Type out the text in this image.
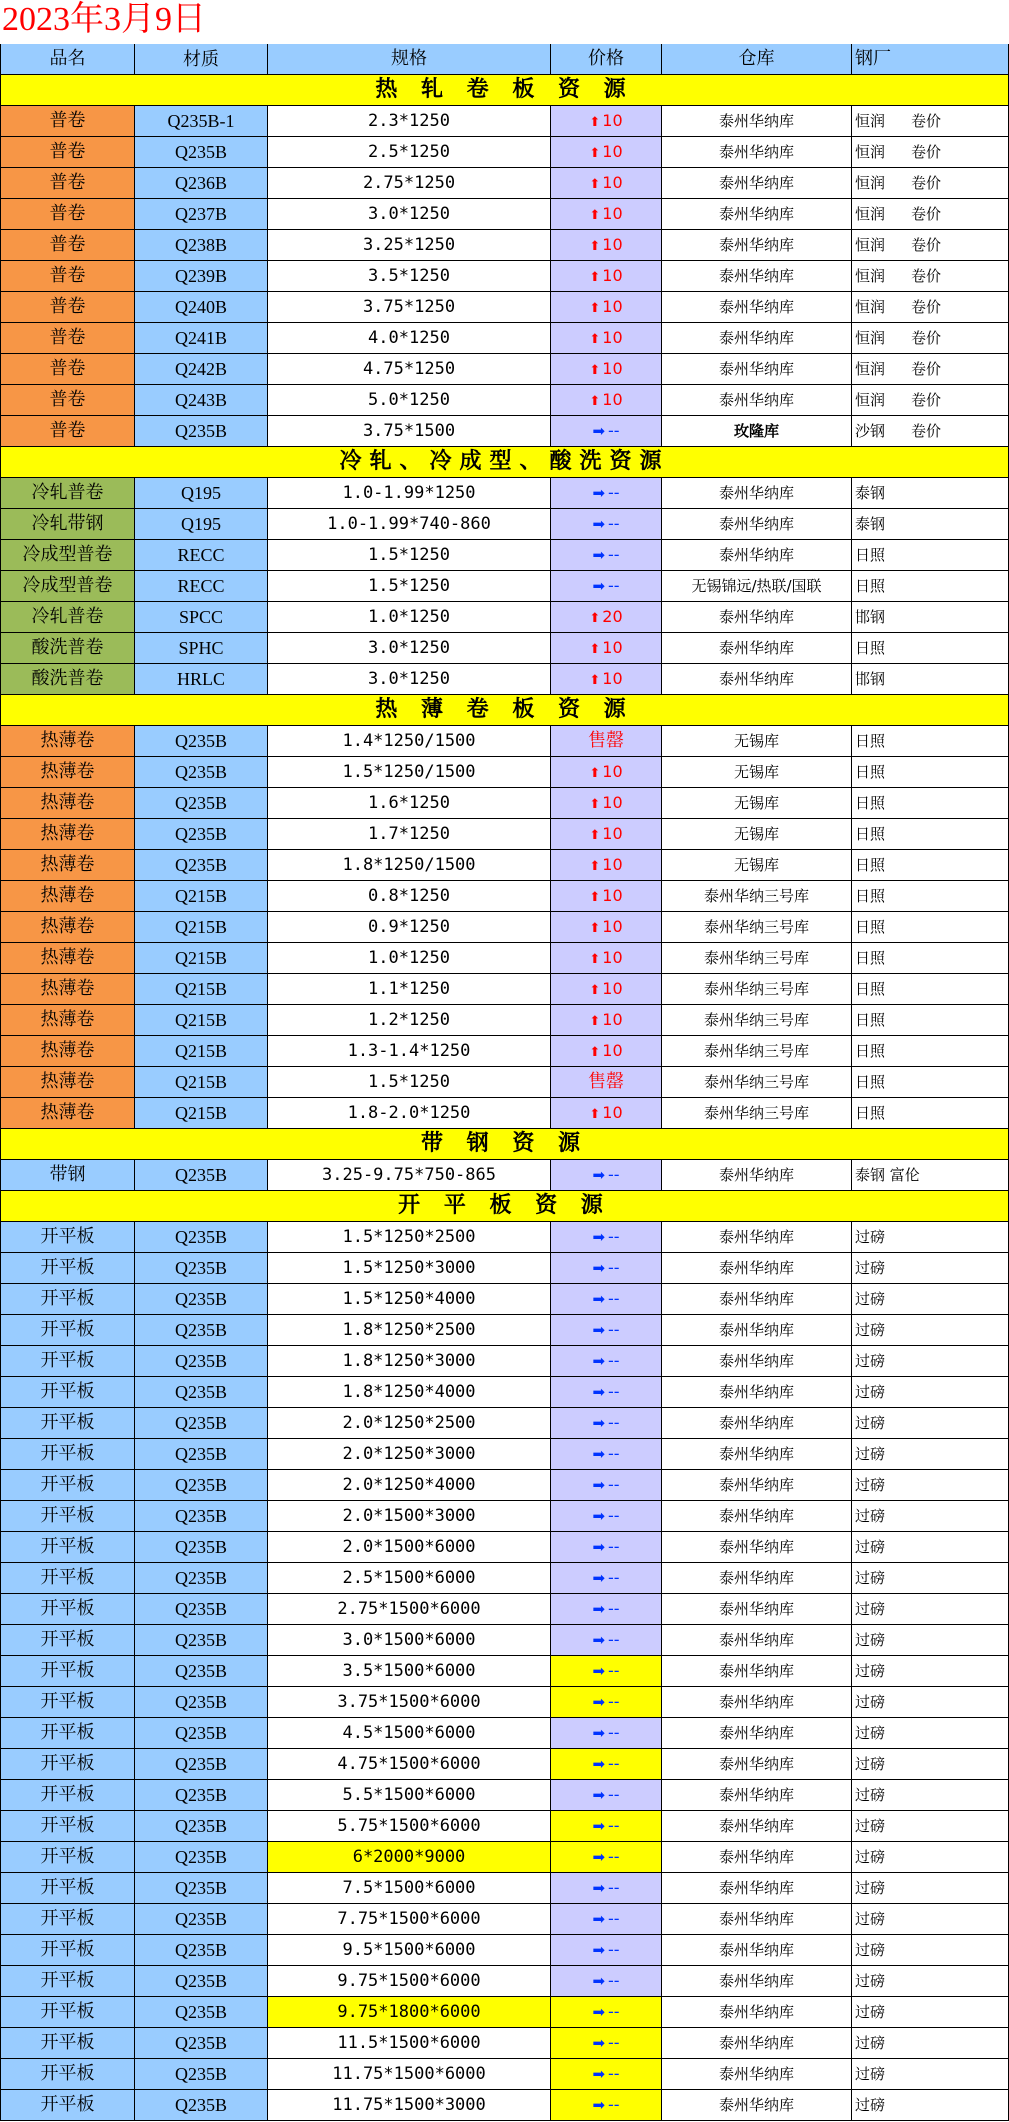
2023年3月9日
品名	材质	规格	价格	仓库	钢厂
热 轧 卷 板 资 源
普卷	Q235B-1	2.3*1250	⬆ 10	泰州华纳库	恒润 卷价
普卷	Q235B	2.5*1250	⬆ 10	泰州华纳库	恒润 卷价
普卷	Q236B	2.75*1250	⬆ 10	泰州华纳库	恒润 卷价
普卷	Q237B	3.0*1250	⬆ 10	泰州华纳库	恒润 卷价
普卷	Q238B	3.25*1250	⬆ 10	泰州华纳库	恒润 卷价
普卷	Q239B	3.5*1250	⬆ 10	泰州华纳库	恒润 卷价
普卷	Q240B	3.75*1250	⬆ 10	泰州华纳库	恒润 卷价
普卷	Q241B	4.0*1250	⬆ 10	泰州华纳库	恒润 卷价
普卷	Q242B	4.75*1250	⬆ 10	泰州华纳库	恒润 卷价
普卷	Q243B	5.0*1250	⬆ 10	泰州华纳库	恒润 卷价
普卷	Q235B	3.75*1500	➡ --	玫隆库	沙钢 卷价
冷轧、冷成型、酸洗资源
冷轧普卷	Q195	1.0-1.99*1250	➡ --	泰州华纳库	泰钢
冷轧带钢	Q195	1.0-1.99*740-860	➡ --	泰州华纳库	泰钢
冷成型普卷	RECC	1.5*1250	➡ --	泰州华纳库	日照
冷成型普卷	RECC	1.5*1250	➡ --	无锡锦远/热联/国联	日照
冷轧普卷	SPCC	1.0*1250	⬆ 20	泰州华纳库	邯钢
酸洗普卷	SPHC	3.0*1250	⬆ 10	泰州华纳库	日照
酸洗普卷	HRLC	3.0*1250	⬆ 10	泰州华纳库	邯钢
热 薄 卷 板 资 源
热薄卷	Q235B	1.4*1250/1500	售罄	无锡库	日照
热薄卷	Q235B	1.5*1250/1500	⬆ 10	无锡库	日照
热薄卷	Q235B	1.6*1250	⬆ 10	无锡库	日照
热薄卷	Q235B	1.7*1250	⬆ 10	无锡库	日照
热薄卷	Q235B	1.8*1250/1500	⬆ 10	无锡库	日照
热薄卷	Q215B	0.8*1250	⬆ 10	泰州华纳三号库	日照
热薄卷	Q215B	0.9*1250	⬆ 10	泰州华纳三号库	日照
热薄卷	Q215B	1.0*1250	⬆ 10	泰州华纳三号库	日照
热薄卷	Q215B	1.1*1250	⬆ 10	泰州华纳三号库	日照
热薄卷	Q215B	1.2*1250	⬆ 10	泰州华纳三号库	日照
热薄卷	Q215B	1.3-1.4*1250	⬆ 10	泰州华纳三号库	日照
热薄卷	Q215B	1.5*1250	售罄	泰州华纳三号库	日照
热薄卷	Q215B	1.8-2.0*1250	⬆ 10	泰州华纳三号库	日照
带 钢 资 源
带钢	Q235B	3.25-9.75*750-865	➡ --	泰州华纳库	泰钢 富伦
开 平 板 资 源
开平板	Q235B	1.5*1250*2500	➡ --	泰州华纳库	过磅
开平板	Q235B	1.5*1250*3000	➡ --	泰州华纳库	过磅
开平板	Q235B	1.5*1250*4000	➡ --	泰州华纳库	过磅
开平板	Q235B	1.8*1250*2500	➡ --	泰州华纳库	过磅
开平板	Q235B	1.8*1250*3000	➡ --	泰州华纳库	过磅
开平板	Q235B	1.8*1250*4000	➡ --	泰州华纳库	过磅
开平板	Q235B	2.0*1250*2500	➡ --	泰州华纳库	过磅
开平板	Q235B	2.0*1250*3000	➡ --	泰州华纳库	过磅
开平板	Q235B	2.0*1250*4000	➡ --	泰州华纳库	过磅
开平板	Q235B	2.0*1500*3000	➡ --	泰州华纳库	过磅
开平板	Q235B	2.0*1500*6000	➡ --	泰州华纳库	过磅
开平板	Q235B	2.5*1500*6000	➡ --	泰州华纳库	过磅
开平板	Q235B	2.75*1500*6000	➡ --	泰州华纳库	过磅
开平板	Q235B	3.0*1500*6000	➡ --	泰州华纳库	过磅
开平板	Q235B	3.5*1500*6000	➡ --	泰州华纳库	过磅
开平板	Q235B	3.75*1500*6000	➡ --	泰州华纳库	过磅
开平板	Q235B	4.5*1500*6000	➡ --	泰州华纳库	过磅
开平板	Q235B	4.75*1500*6000	➡ --	泰州华纳库	过磅
开平板	Q235B	5.5*1500*6000	➡ --	泰州华纳库	过磅
开平板	Q235B	5.75*1500*6000	➡ --	泰州华纳库	过磅
开平板	Q235B	6*2000*9000	➡ --	泰州华纳库	过磅
开平板	Q235B	7.5*1500*6000	➡ --	泰州华纳库	过磅
开平板	Q235B	7.75*1500*6000	➡ --	泰州华纳库	过磅
开平板	Q235B	9.5*1500*6000	➡ --	泰州华纳库	过磅
开平板	Q235B	9.75*1500*6000	➡ --	泰州华纳库	过磅
开平板	Q235B	9.75*1800*6000	➡ --	泰州华纳库	过磅
开平板	Q235B	11.5*1500*6000	➡ --	泰州华纳库	过磅
开平板	Q235B	11.75*1500*6000	➡ --	泰州华纳库	过磅
开平板	Q235B	11.75*1500*3000	➡ --	泰州华纳库	过磅
